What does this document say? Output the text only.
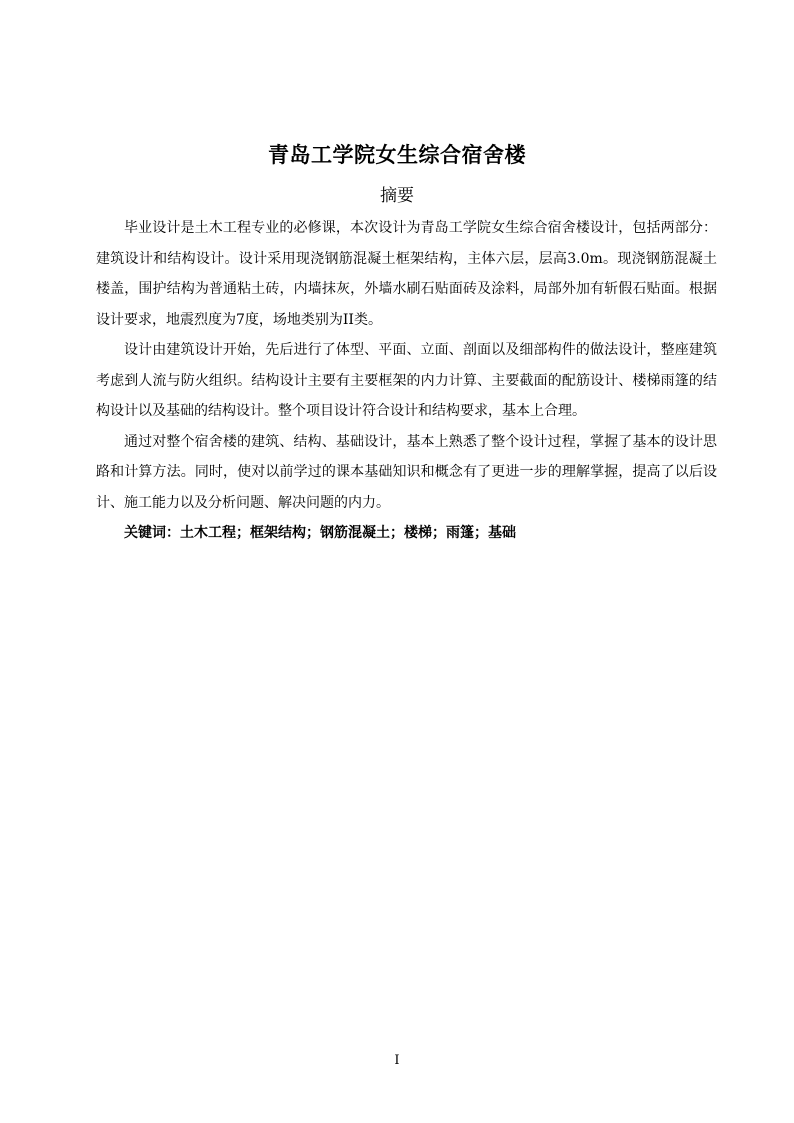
青岛工学院女生综合宿舍楼
摘要

毕业设计是土木工程专业的必修课，本次设计为青岛工学院女生综合宿舍楼设计，包括两部分：建筑设计和结构设计。设计采用现浇钢筋混凝土框架结构，主体六层，层高3.0m。现浇钢筋混凝土楼盖，围护结构为普通粘土砖，内墙抹灰，外墙水刷石贴面砖及涂料，局部外加有斩假石贴面。根据设计要求，地震烈度为7度，场地类别为II类。

设计由建筑设计开始，先后进行了体型、平面、立面、剖面以及细部构件的做法设计，整座建筑考虑到人流与防火组织。结构设计主要有主要框架的内力计算、主要截面的配筋设计、楼梯雨篷的结构设计以及基础的结构设计。整个项目设计符合设计和结构要求，基本上合理。

通过对整个宿舍楼的建筑、结构、基础设计，基本上熟悉了整个设计过程，掌握了基本的设计思路和计算方法。同时，使对以前学过的课本基础知识和概念有了更进一步的理解掌握，提高了以后设计、施工能力以及分析问题、解决问题的内力。

关键词：土木工程；框架结构；钢筋混凝土；楼梯；雨篷；基础

I
